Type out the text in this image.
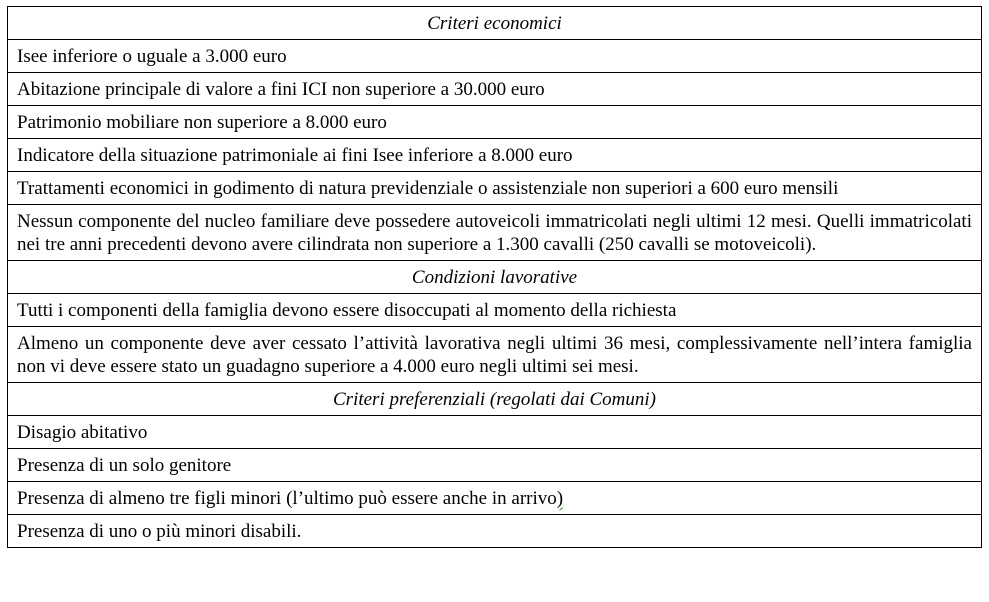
Criteri economici
Isee inferiore o uguale a 3.000 euro
Abitazione principale di valore a fini ICI non superiore a 30.000 euro
Patrimonio mobiliare non superiore a 8.000 euro
Indicatore della situazione patrimoniale ai fini Isee inferiore a 8.000 euro
Trattamenti economici in godimento di natura previdenziale o assistenziale non superiori a 600 euro mensili
Nessun componente del nucleo familiare deve possedere autoveicoli immatricolati negli ultimi 12 mesi. Quelli immatricolati nei tre anni precedenti devono avere cilindrata non superiore a 1.300 cavalli (250 cavalli se motoveicoli).
Condizioni lavorative
Tutti i componenti della famiglia devono essere disoccupati al momento della richiesta
Almeno un componente deve aver cessato l’attività lavorativa negli ultimi 36 mesi, complessivamente nell’intera famiglia non vi deve essere stato un guadagno superiore a 4.000 euro negli ultimi sei mesi.
Criteri preferenziali (regolati dai Comuni)
Disagio abitativo
Presenza di un solo genitore
Presenza di almeno tre figli minori (l’ultimo può essere anche in arrivo)
Presenza di uno o più minori disabili.
